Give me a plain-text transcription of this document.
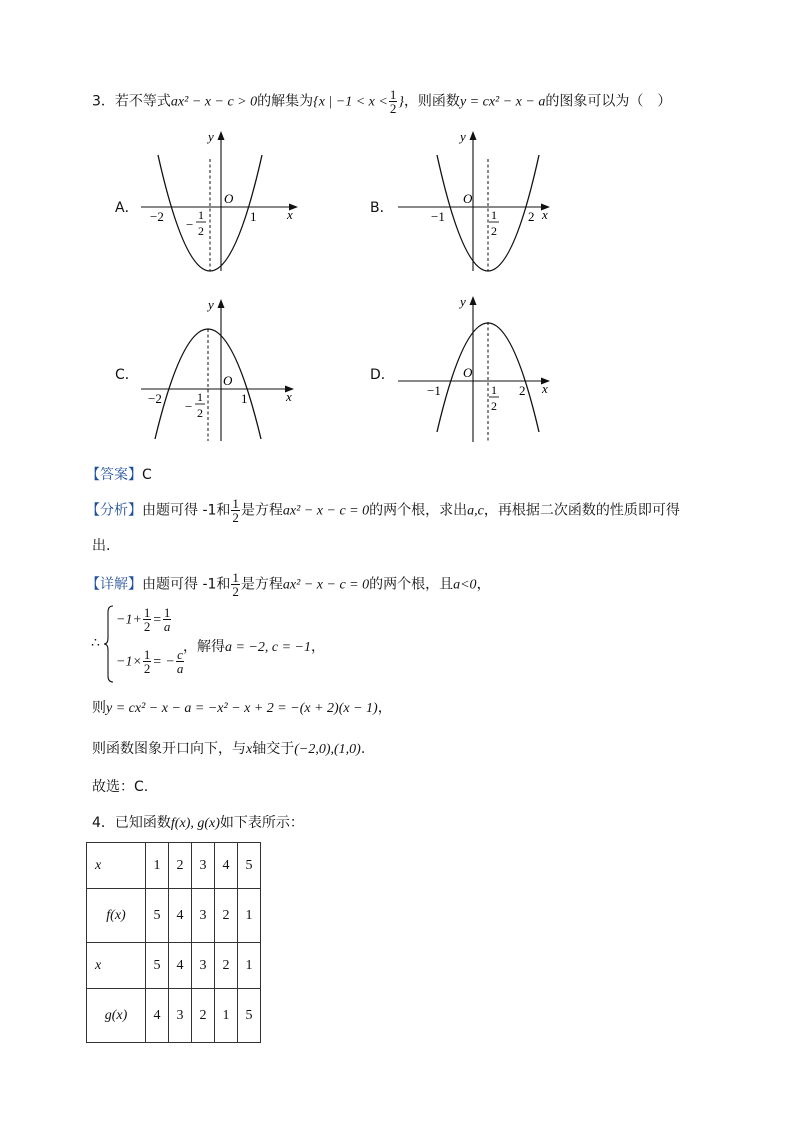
3．若不等式ax² − x − c > 0的解集为{x | $-1 < x < \frac{1}{2}$ }，则函数y = cx² − x − a的图象可以为（　）
A．	B．
C．	D．
y
x
O
−2
−
1
2
1
y
x
O
−1	1
2
2
y
x
O
−2
−
1
2
1
y
x
O
−1	1
2
2
【答案】C
【分析】由题可得 -1和 $\frac{1}{2}$ 是方程ax² − x − c = 0的两个根，求出a,c，再根据二次函数的性质即可得
出.
【详解】由题可得 -1和 $\frac{1}{2}$ 是方程ax² − x − c = 0的两个根，且a<0，
∴
$-1+ \frac{1}{2} = \frac{1}{a}$
$-1\times \frac{1}{2}$ = − $\frac{c}{a}$
，解得a = −2, c = −1，
则y = cx² − x − a = −x² − x + 2 = −(x + 2)(x − 1)，
则函数图象开口向下，与x轴交于(−2,0),(1,0).
故选：C.
4．已知函数f(x), g(x)如下表所示：
x	1	2	3	4	5
f(x)	5	4	3	2	1
x	5	4	3	2	1
g(x)	4	3	2	1	5
